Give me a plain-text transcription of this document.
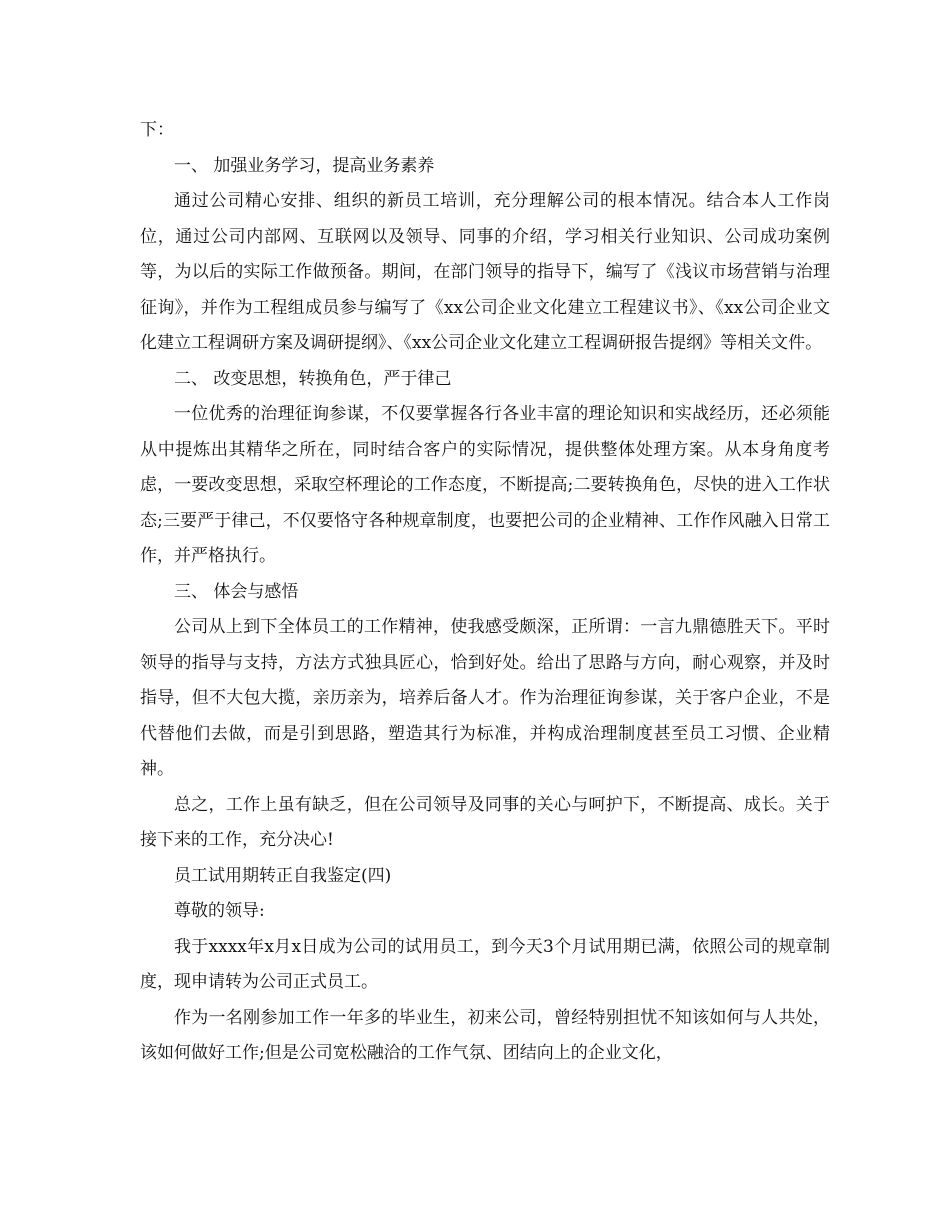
下：

一、 加强业务学习，提高业务素养

通过公司精心安排、组织的新员工培训，充分理解公司的根本情况。结合本人工作岗位，通过公司内部网、互联网以及领导、同事的介绍，学习相关行业知识、公司成功案例等，为以后的实际工作做预备。期间，在部门领导的指导下，编写了《浅议市场营销与治理征询》，并作为工程组成员参与编写了《xx公司企业文化建立工程建议书》、《xx公司企业文化建立工程调研方案及调研提纲》、《xx公司企业文化建立工程调研报告提纲》等相关文件。

二、 改变思想，转换角色，严于律己

一位优秀的治理征询参谋，不仅要掌握各行各业丰富的理论知识和实战经历，还必须能从中提炼出其精华之所在，同时结合客户的实际情况，提供整体处理方案。从本身角度考虑，一要改变思想，采取空杯理论的工作态度，不断提高;二要转换角色，尽快的进入工作状态;三要严于律己，不仅要恪守各种规章制度，也要把公司的企业精神、工作作风融入日常工作，并严格执行。

三、 体会与感悟

公司从上到下全体员工的工作精神，使我感受颇深，正所谓：一言九鼎德胜天下。平时领导的指导与支持，方法方式独具匠心，恰到好处。给出了思路与方向，耐心观察，并及时指导，但不大包大揽，亲历亲为，培养后备人才。作为治理征询参谋，关于客户企业，不是代替他们去做，而是引到思路，塑造其行为标准，并构成治理制度甚至员工习惯、企业精神。

总之，工作上虽有缺乏，但在公司领导及同事的关心与呵护下，不断提高、成长。关于接下来的工作，充分决心!

员工试用期转正自我鉴定(四)

尊敬的领导:

我于xxxx年x月x日成为公司的试用员工，到今天3个月试用期已满，依照公司的规章制度，现申请转为公司正式员工。

作为一名刚参加工作一年多的毕业生，初来公司，曾经特别担忧不知该如何与人共处，该如何做好工作;但是公司宽松融洽的工作气氛、团结向上的企业文化，
